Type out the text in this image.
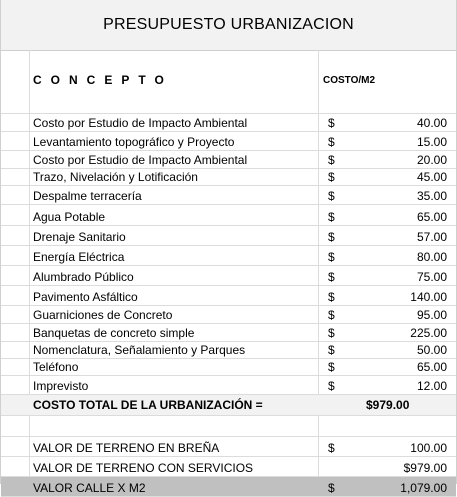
PRESUPUESTO URBANIZACION
CONCEPTO	COSTO/M2
Costo por Estudio de Impacto Ambiental	$	40.00
Levantamiento topográfico y Proyecto	$	15.00
Costo por Estudio de Impacto Ambiental	$	20.00
Trazo, Nivelación y Lotificación	$	45.00
Despalme terracería	$	35.00
Agua Potable	$	65.00
Drenaje Sanitario	$	57.00
Energía Eléctrica	$	80.00
Alumbrado Público	$	75.00
Pavimento Asfáltico	$	140.00
Guarniciones de Concreto	$	95.00
Banquetas de concreto simple	$	225.00
Nomenclatura, Señalamiento y Parques	$	50.00
Teléfono	$	65.00
Imprevisto	$	12.00
COSTO TOTAL DE LA URBANIZACIÓN =	$979.00
VALOR DE TERRENO EN BREÑA	$	100.00
VALOR DE TERRENO CON SERVICIOS	$979.00
VALOR CALLE X M2	$	1,079.00
